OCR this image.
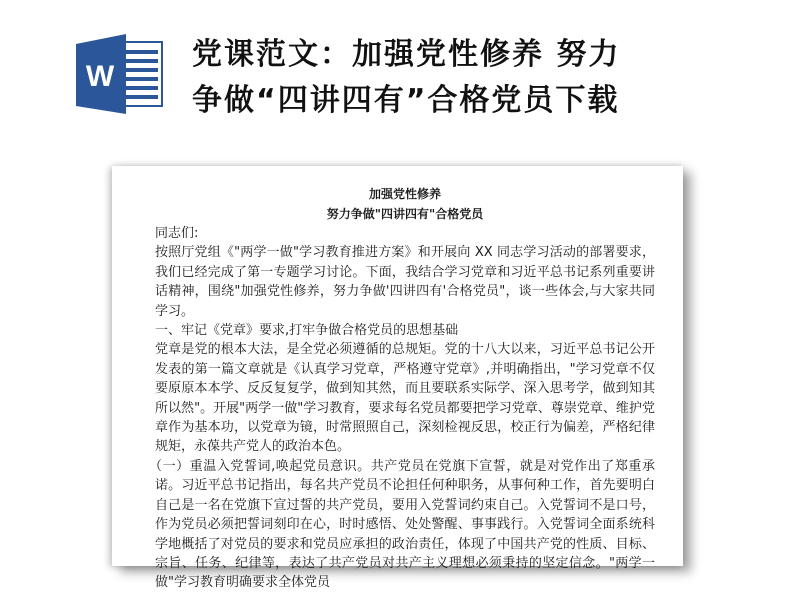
W
党课范文：加强党性修养 努力
争做“四讲四有”合格党员下载
加强党性修养
努力争做"四讲四有"合格党员

同志们:

按照厅党组《"两学一做"学习教育推进方案》和开展向 XX 同志学习活动的部署要求，我们已经完成了第一专题学习讨论。下面，我结合学习党章和习近平总书记系列重要讲话精神，围绕"加强党性修养，努力争做'四讲四有'合格党员"，谈一些体会,与大家共同学习。

一、牢记《党章》要求,打牢争做合格党员的思想基础

党章是党的根本大法，是全党必须遵循的总规矩。党的十八大以来，习近平总书记公开发表的第一篇文章就是《认真学习党章，严格遵守党章》,并明确指出，"学习党章不仅要原原本本学、反反复复学，做到知其然，而且要联系实际学、深入思考学，做到知其所以然"。开展"两学一做"学习教育，要求每名党员都要把学习党章、尊崇党章、维护党章作为基本功，以党章为镜，时常照照自己，深刻检视反思，校正行为偏差，严格纪律规矩，永葆共产党人的政治本色。

（一）重温入党誓词,唤起党员意识。共产党员在党旗下宣誓，就是对党作出了郑重承诺。习近平总书记指出，每名共产党员不论担任何种职务，从事何种工作，首先要明白自己是一名在党旗下宣过誓的共产党员，要用入党誓词约束自己。入党誓词不是口号，作为党员必须把誓词刻印在心，时时感悟、处处警醒、事事践行。入党誓词全面系统科学地概括了对党员的要求和党员应承担的政治责任，体现了中国共产党的性质、目标、宗旨、任务、纪律等，表达了共产党员对共产主义理想必须秉持的坚定信念。"两学一做"学习教育明确要求全体党员
